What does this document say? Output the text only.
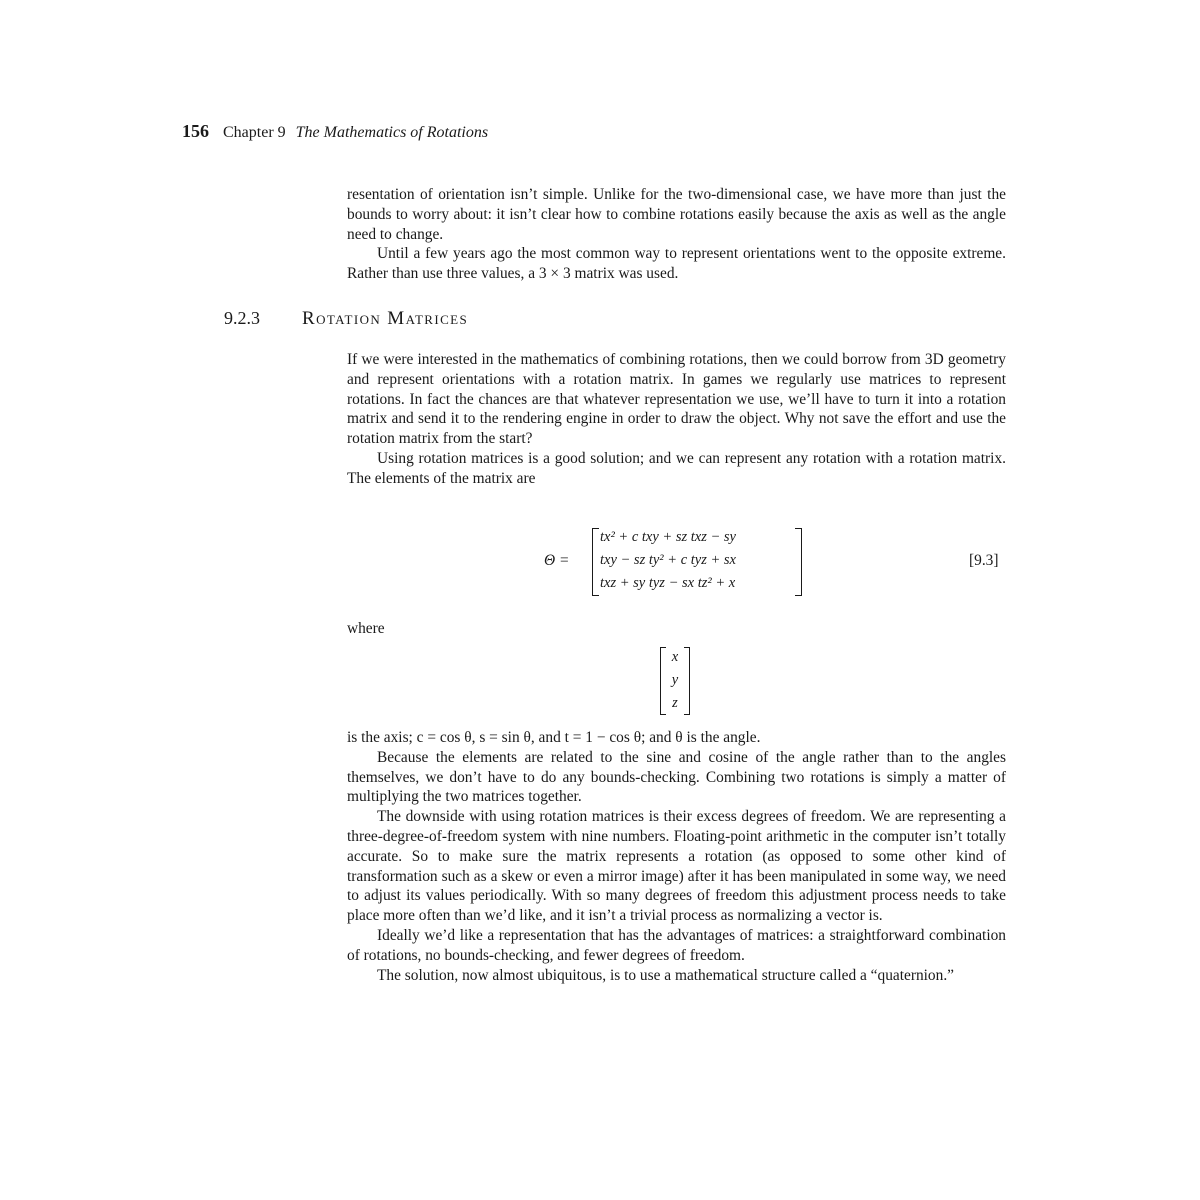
156 Chapter 9 The Mathematics of Rotations

resentation of orientation isn’t simple. Unlike for the two-dimensional case, we have more than just the bounds to worry about: it isn’t clear how to combine rotations easily because the axis as well as the angle need to change.

Until a few years ago the most common way to represent orientations went to the opposite extreme. Rather than use three values, a 3 × 3 matrix was used.

9.2.3 Rotation Matrices

If we were interested in the mathematics of combining rotations, then we could borrow from 3D geometry and represent orientations with a rotation matrix. In games we regularly use matrices to represent rotations. In fact the chances are that whatever representation we use, we’ll have to turn it into a rotation matrix and send it to the rendering engine in order to draw the object. Why not save the effort and use the rotation matrix from the start?

Using rotation matrices is a good solution; and we can represent any rotation with a rotation matrix. The elements of the matrix are

Θ =
tx² + c txy + sz txz − sy
txy − sz ty² + c tyz + sx
txz + sy tyz − sx tz² + x
[9.3]

where

x
y
z

is the axis; c = cos θ, s = sin θ, and t = 1 − cos θ; and θ is the angle.

Because the elements are related to the sine and cosine of the angle rather than to the angles themselves, we don’t have to do any bounds-checking. Combining two rotations is simply a matter of multiplying the two matrices together.

The downside with using rotation matrices is their excess degrees of freedom. We are representing a three-degree-of-freedom system with nine numbers. Floating-point arithmetic in the computer isn’t totally accurate. So to make sure the matrix represents a rotation (as opposed to some other kind of transformation such as a skew or even a mirror image) after it has been manipulated in some way, we need to adjust its values periodically. With so many degrees of freedom this adjustment process needs to take place more often than we’d like, and it isn’t a trivial process as normalizing a vector is.

Ideally we’d like a representation that has the advantages of matrices: a straightforward combination of rotations, no bounds-checking, and fewer degrees of freedom.

The solution, now almost ubiquitous, is to use a mathematical structure called a “quaternion.”
